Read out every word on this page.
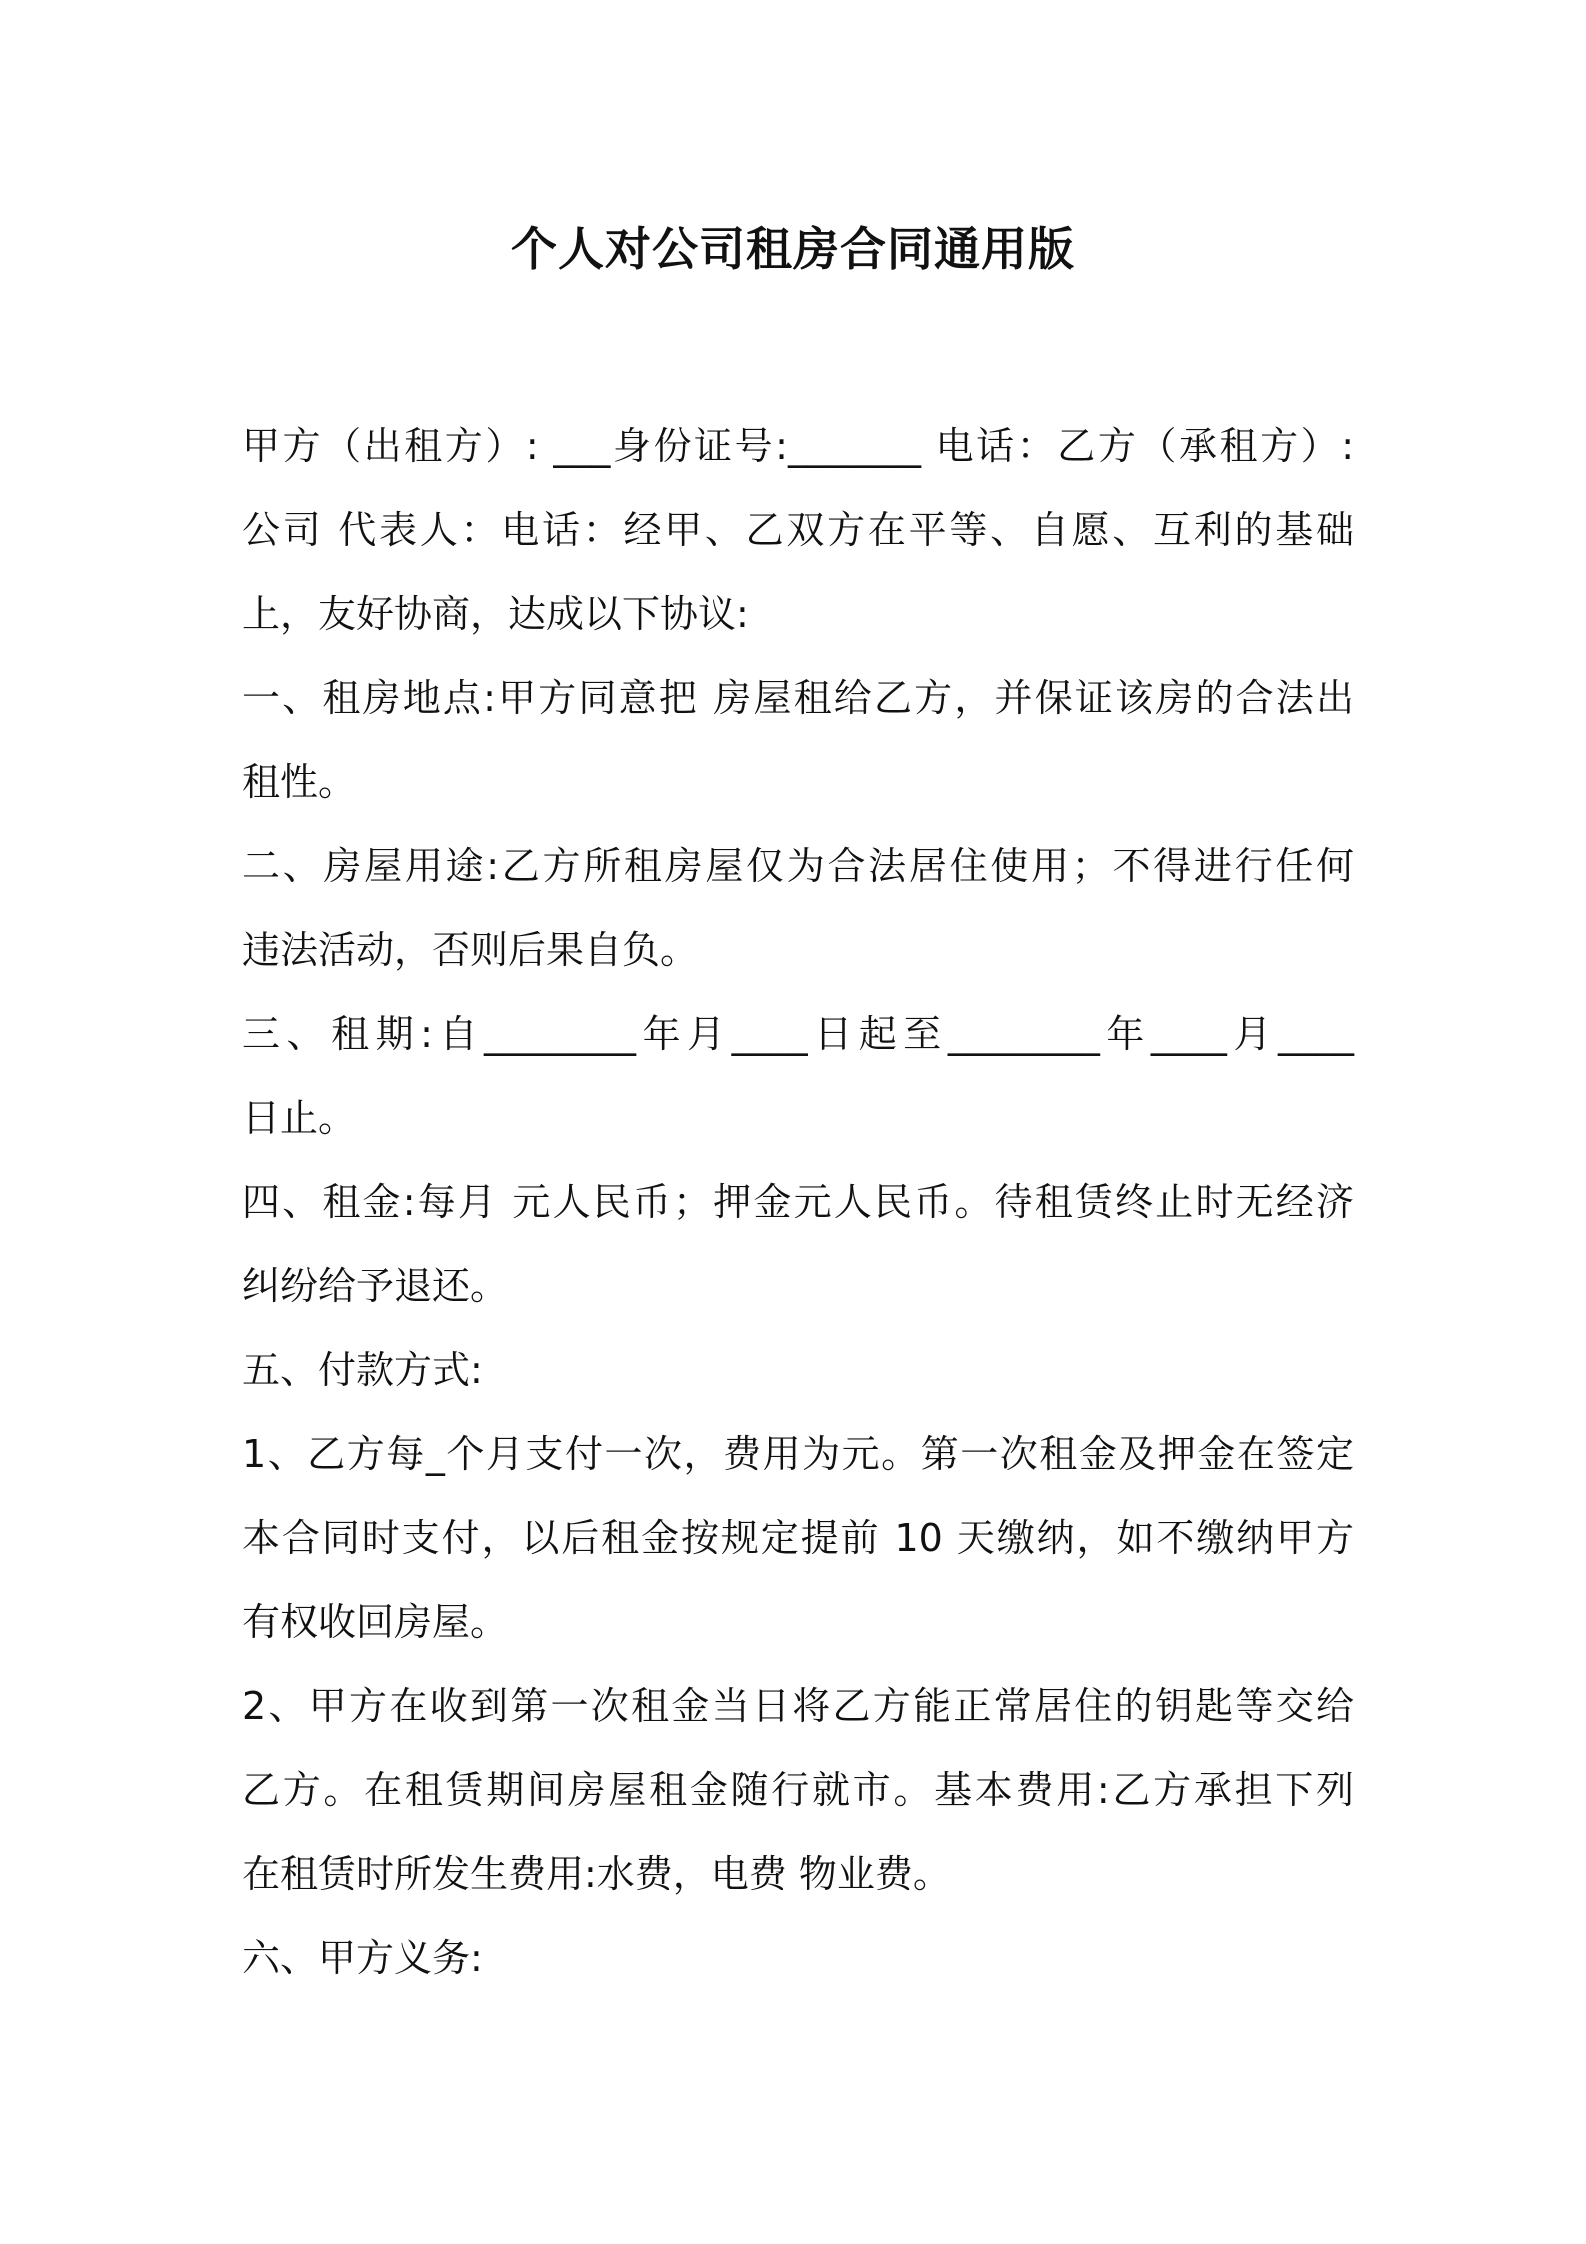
个人对公司租房合同通用版
甲方（出租方）: ___身份证号:_______ 电话：乙方（承租方）:
公司 代表人：电话：经甲、乙双方在平等、自愿、互利的基础
上，友好协商，达成以下协议:
一、租房地点:甲方同意把 房屋租给乙方，并保证该房的合法出
租性。
二、房屋用途:乙方所租房屋仅为合法居住使用；不得进行任何
违法活动，否则后果自负。
三、租期:自________年月____日起至________年____月____
日止。
四、租金:每月 元人民币；押金元人民币。待租赁终止时无经济
纠纷给予退还。
五、付款方式:
1、乙方每_个月支付一次，费用为元。第一次租金及押金在签定
本合同时支付，以后租金按规定提前 10 天缴纳，如不缴纳甲方
有权收回房屋。
2、甲方在收到第一次租金当日将乙方能正常居住的钥匙等交给
乙方。在租赁期间房屋租金随行就市。基本费用:乙方承担下列
在租赁时所发生费用:水费，电费 物业费。
六、甲方义务:
